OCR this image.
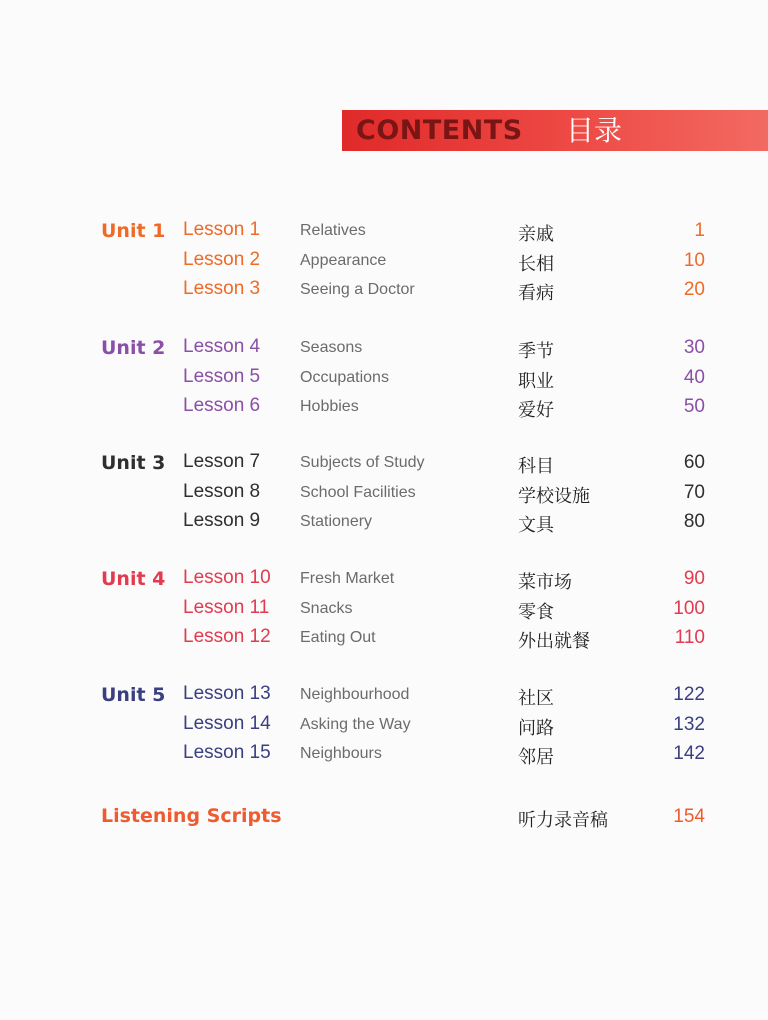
CONTENTS 目录
Unit 1 Lesson 1 Relatives	亲戚	1
Lesson 2 Appearance	长相	10
Lesson 3 Seeing a Doctor	看病	20
Unit 2 Lesson 4 Seasons	季节	30
Lesson 5 Occupations	职业	40
Lesson 6 Hobbies	爱好	50
Unit 3 Lesson 7 Subjects of Study	科目	60
Lesson 8 School Facilities	学校设施	70
Lesson 9 Stationery	文具	80
Unit 4 Lesson 10 Fresh Market	菜市场	90
Lesson 11 Snacks	零食	100
Lesson 12 Eating Out	外出就餐	110
Unit 5 Lesson 13 Neighbourhood	社区	122
Lesson 14 Asking the Way	问路	132
Lesson 15 Neighbours	邻居	142
Listening Scripts	听力录音稿	154
